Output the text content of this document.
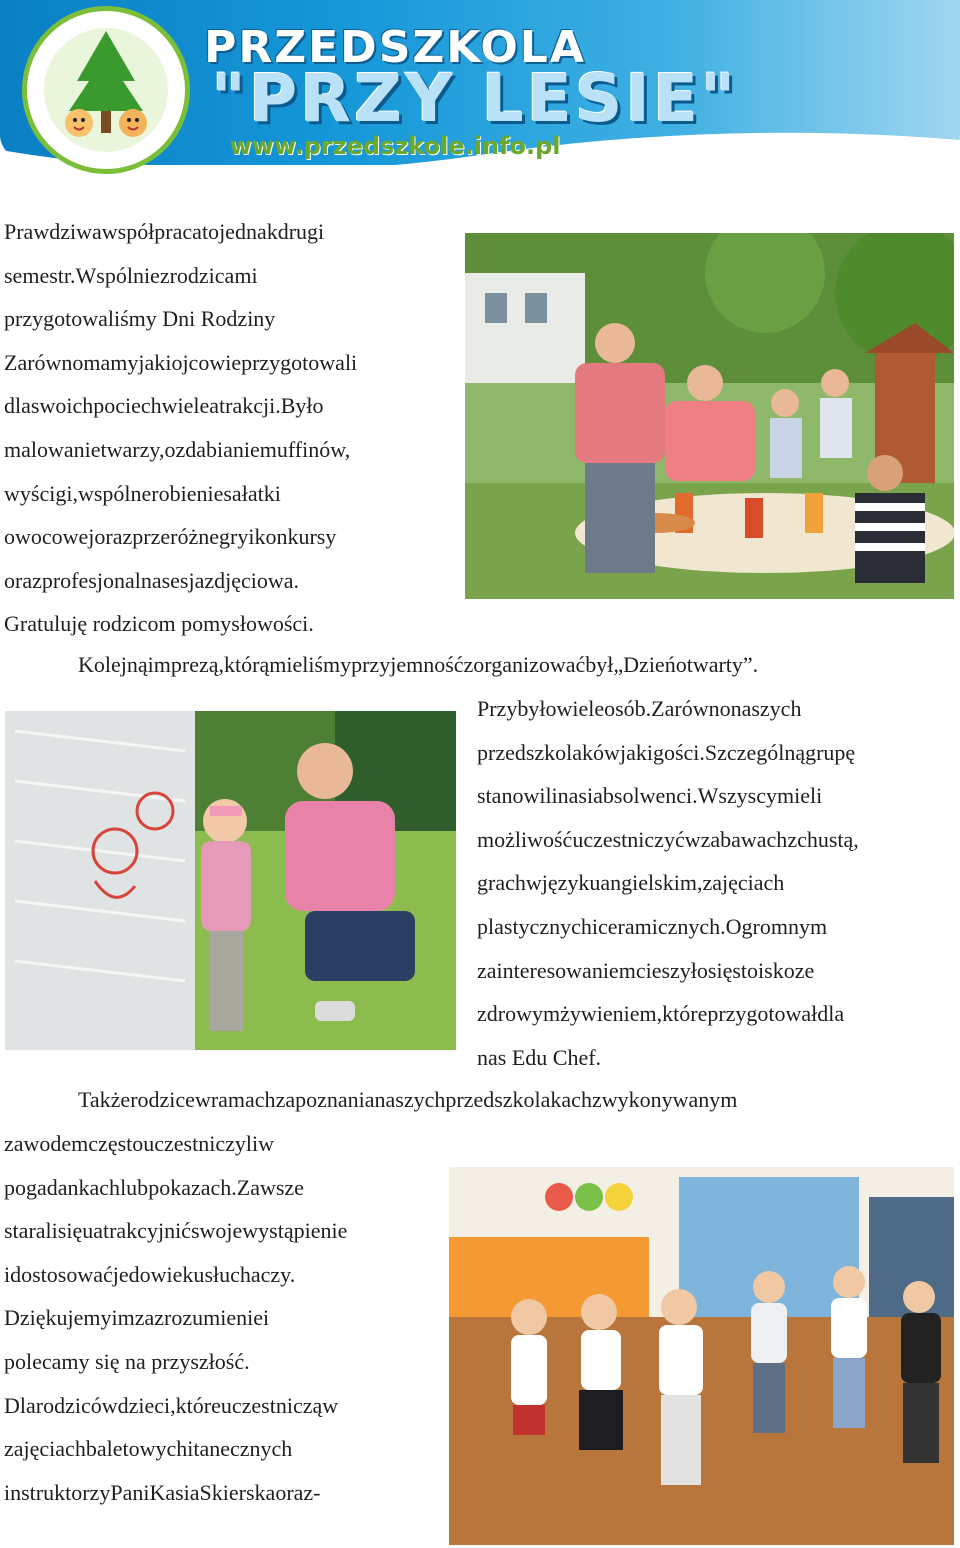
PRZEDSZKOLA
"PRZY LESIE"
www.przedszkole.info.pl
Prawdziwawspółpracatojednakdrugi
semestr.Wspólniezrodzicami
przygotowaliśmy Dni Rodziny
Zarównomamyjakiojcowieprzygotowali
dlaswoichpociechwieleatrakcji.Było
malowanietwarzy,ozdabianiemuffinów,
wyścigi,wspólnerobieniesałatki
owocowejorazprzeróżnegryikonkursy
orazprofesjonalnasesjazdjęciowa.
Gratuluję rodzicom pomysłowości.
Kolejnąimprezą,którąmieliśmyprzyjemnośćzorganizowaćbył„Dzieńotwarty”.
Przybyłowieleosób.Zarównonaszych
przedszkolakówjakigości.Szczególnągrupę
stanowilinasiabsolwenci.Wszyscymieli
możliwośćuczestniczyćwzabawachzchustą,
grachwjęzykuangielskim,zajęciach
plastycznychiceramicznych.Ogromnym
zainteresowaniemcieszyłosięstoiskoze
zdrowymżywieniem,któreprzygotowałdla
nas Edu Chef.
Takżerodzicewramachzapoznanianaszychprzedszkolakachzwykonywanym
zawodemczęstouczestniczyliw
pogadankachlubpokazach.Zawsze
staralisięuatrakcyjnićswojewystąpienie
idostosowaćjedowiekusłuchaczy.
Dziękujemyimzazrozumieniei
polecamy się na przyszłość.
Dlarodzicówdzieci,któreuczestnicząw
zajęciachbaletowychitanecznych
instruktorzyPaniKasiaSkierskaoraz-
